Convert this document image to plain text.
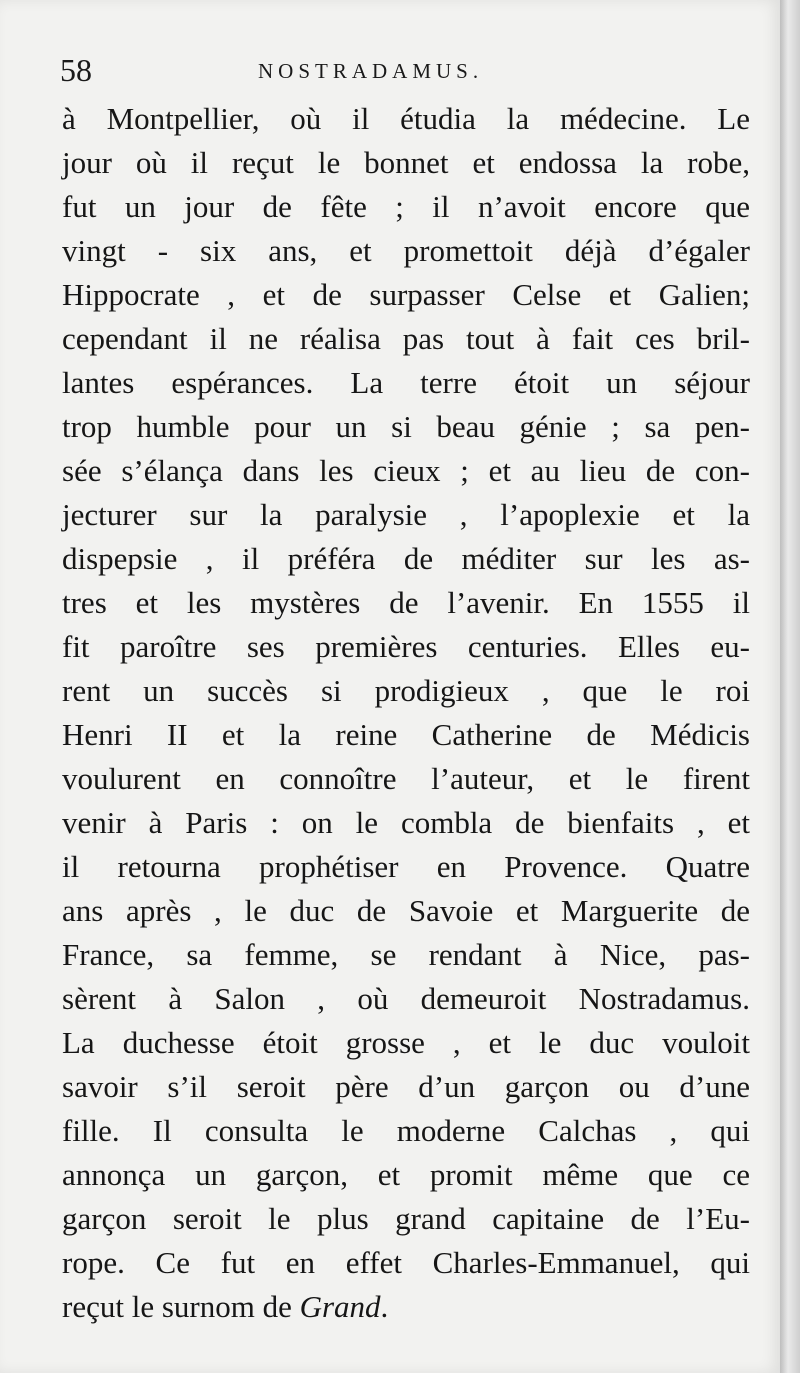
58	NOSTRADAMUS.
à Montpellier, où il étudia la médecine. Le
jour où il reçut le bonnet et endossa la robe,
fut un jour de fête ; il n’avoit encore que
vingt - six ans, et promettoit déjà d’égaler
Hippocrate , et de surpasser Celse et Galien;
cependant il ne réalisa pas tout à fait ces bril-
lantes espérances. La terre étoit un séjour
trop humble pour un si beau génie ; sa pen-
sée s’élança dans les cieux ; et au lieu de con-
jecturer sur la paralysie , l’apoplexie et la
dispepsie , il préféra de méditer sur les as-
tres et les mystères de l’avenir. En 1555 il
fit paroître ses premières centuries. Elles eu-
rent un succès si prodigieux , que le roi
Henri II et la reine Catherine de Médicis
voulurent en connoître l’auteur, et le firent
venir à Paris : on le combla de bienfaits , et
il retourna prophétiser en Provence. Quatre
ans après , le duc de Savoie et Marguerite de
France, sa femme, se rendant à Nice, pas-
sèrent à Salon , où demeuroit Nostradamus.
La duchesse étoit grosse , et le duc vouloit
savoir s’il seroit père d’un garçon ou d’une
fille. Il consulta le moderne Calchas , qui
annonça un garçon, et promit même que ce
garçon seroit le plus grand capitaine de l’Eu-
rope. Ce fut en effet Charles-Emmanuel, qui
reçut le surnom de Grand.
